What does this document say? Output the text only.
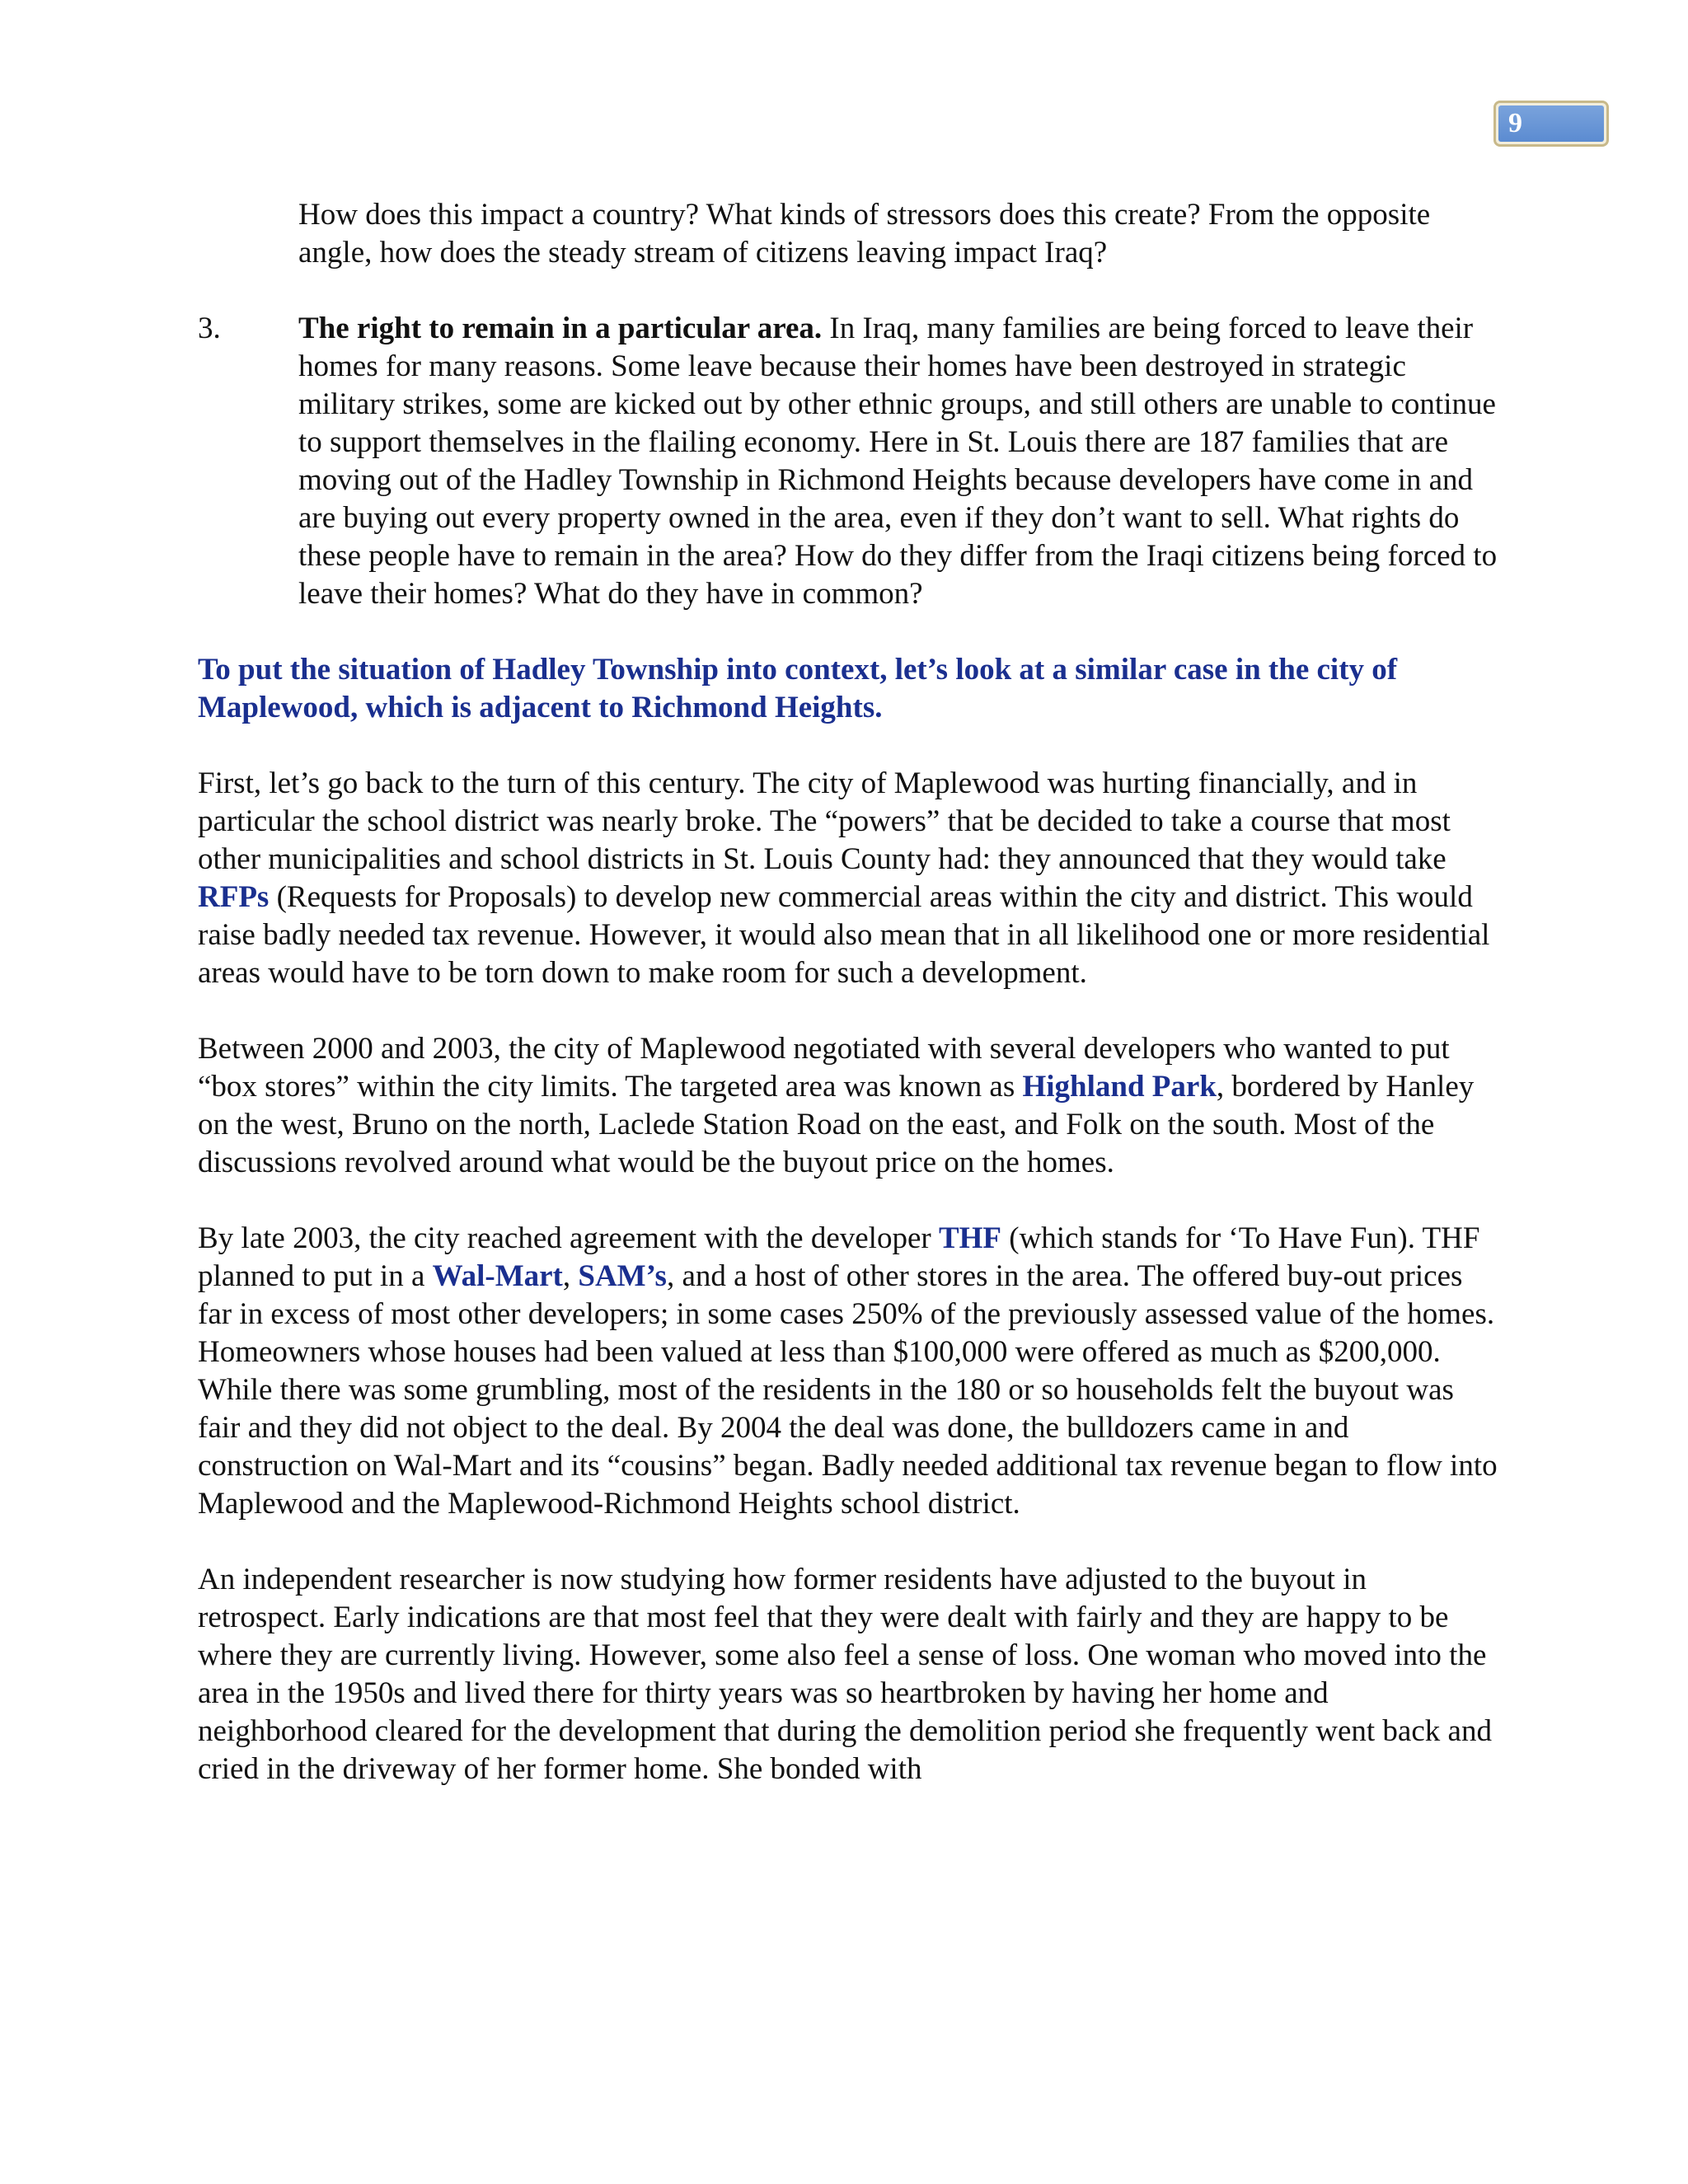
9
How does this impact a country? What kinds of stressors does this create? From the opposite angle, how does the steady stream of citizens leaving impact Iraq?
3.	The right to remain in a particular area. In Iraq, many families are being forced to leave their homes for many reasons. Some leave because their homes have been destroyed in strategic military strikes, some are kicked out by other ethnic groups, and still others are unable to continue to support themselves in the flailing economy. Here in St. Louis there are 187 families that are moving out of the Hadley Township in Richmond Heights because developers have come in and are buying out every property owned in the area, even if they don’t want to sell. What rights do these people have to remain in the area? How do they differ from the Iraqi citizens being forced to leave their homes? What do they have in common?
To put the situation of Hadley Township into context, let’s look at a similar case in the city of Maplewood, which is adjacent to Richmond Heights.

First, let’s go back to the turn of this century. The city of Maplewood was hurting financially, and in particular the school district was nearly broke. The “powers” that be decided to take a course that most other municipalities and school districts in St. Louis County had: they announced that they would take RFPs (Requests for Proposals) to develop new commercial areas within the city and district. This would raise badly needed tax revenue. However, it would also mean that in all likelihood one or more residential areas would have to be torn down to make room for such a development.

Between 2000 and 2003, the city of Maplewood negotiated with several developers who wanted to put “box stores” within the city limits. The targeted area was known as Highland Park, bordered by Hanley on the west, Bruno on the north, Laclede Station Road on the east, and Folk on the south. Most of the discussions revolved around what would be the buyout price on the homes.

By late 2003, the city reached agreement with the developer THF (which stands for ‘To Have Fun). THF planned to put in a Wal-Mart, SAM’s, and a host of other stores in the area. The offered buy-out prices far in excess of most other developers; in some cases 250% of the previously assessed value of the homes. Homeowners whose houses had been valued at less than $100,000 were offered as much as $200,000. While there was some grumbling, most of the residents in the 180 or so households felt the buyout was fair and they did not object to the deal. By 2004 the deal was done, the bulldozers came in and construction on Wal-Mart and its “cousins” began. Badly needed additional tax revenue began to flow into Maplewood and the Maplewood-Richmond Heights school district.

An independent researcher is now studying how former residents have adjusted to the buyout in retrospect. Early indications are that most feel that they were dealt with fairly and they are happy to be where they are currently living. However, some also feel a sense of loss. One woman who moved into the area in the 1950s and lived there for thirty years was so heartbroken by having her home and neighborhood cleared for the development that during the demolition period she frequently went back and cried in the driveway of her former home. She bonded with
